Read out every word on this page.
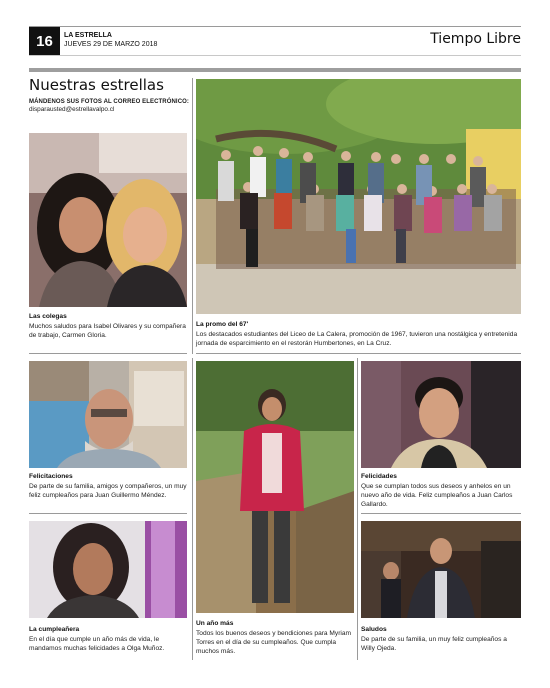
16	LA ESTRELLA
JUEVES 29 DE MARZO 2018	Tiempo Libre
Nuestras estrellas
MÁNDENOS SUS FOTOS AL CORREO ELECTRÓNICO:
disparausted@estrellavalpo.cl
Las colegas
Muchos saludos para Isabel Olivares y su compañera de trabajo, Carmen Gloria.
La promo del 67'
Los destacados estudiantes del Liceo de La Calera, promoción de 1967, tuvieron una nostálgica y entretenida jornada de esparcimiento en el restorán Humbertones, en La Cruz.
Felicitaciones
De parte de su familia, amigos y compañeros, un muy feliz cumpleaños para Juan Guillermo Méndez.
Felicidades
Que se cumplan todos sus deseos y anhelos en un nuevo año de vida. Feliz cumpleaños a Juan Carlos Gallardo.
La cumpleañera
En el día que cumple un año más de vida, le mandamos muchas felicidades a Olga Muñoz.
Un año más
Todos los buenos deseos y bendiciones para Myriam Torres en el día de su cumpleaños. Que cumpla muchos más.
Saludos
De parte de su familia, un muy feliz cumpleaños a Willy Ojeda.
